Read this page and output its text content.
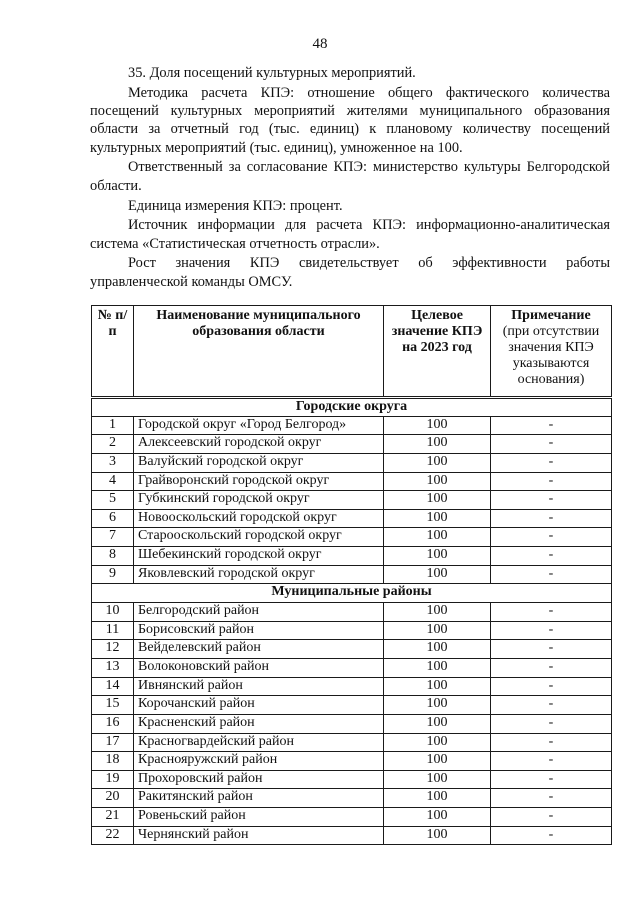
48

35. Доля посещений культурных мероприятий.

Методика расчета КПЭ: отношение общего фактического количества посещений культурных мероприятий жителями муниципального образования области за отчетный год (тыс. единиц) к плановому количеству посещений культурных мероприятий (тыс. единиц), умноженное на 100.

Ответственный за согласование КПЭ: министерство культуры Белгородской области.

Единица измерения КПЭ: процент.

Источник информации для расчета КПЭ: информационно-аналитическая система «Статистическая отчетность отрасли».

Рост значения КПЭ свидетельствует об эффективности работы управленческой команды ОМСУ.

№ п/п	Наименование муниципального образования области	Целевое значение КПЭ на 2023 год	Примечание
(при отсутствии значения КПЭ указываются основания)

Городские округа			
1	Городской округ «Город Белгород»	100	-
2	Алексеевский городской округ	100	-
3	Валуйский городской округ	100	-
4	Грайворонский городской округ	100	-
5	Губкинский городской округ	100	-
6	Новооскольский городской округ	100	-
7	Старооскольский городской округ	100	-
8	Шебекинский городской округ	100	-
9	Яковлевский городской округ	100	-
Муниципальные районы			
10	Белгородский район	100	-
11	Борисовский район	100	-
12	Вейделевский район	100	-
13	Волоконовский район	100	-
14	Ивнянский район	100	-
15	Корочанский район	100	-
16	Красненский район	100	-
17	Красногвардейский район	100	-
18	Краснояружский район	100	-
19	Прохоровский район	100	-
20	Ракитянский район	100	-
21	Ровеньский район	100	-
22	Чернянский район	100	-
